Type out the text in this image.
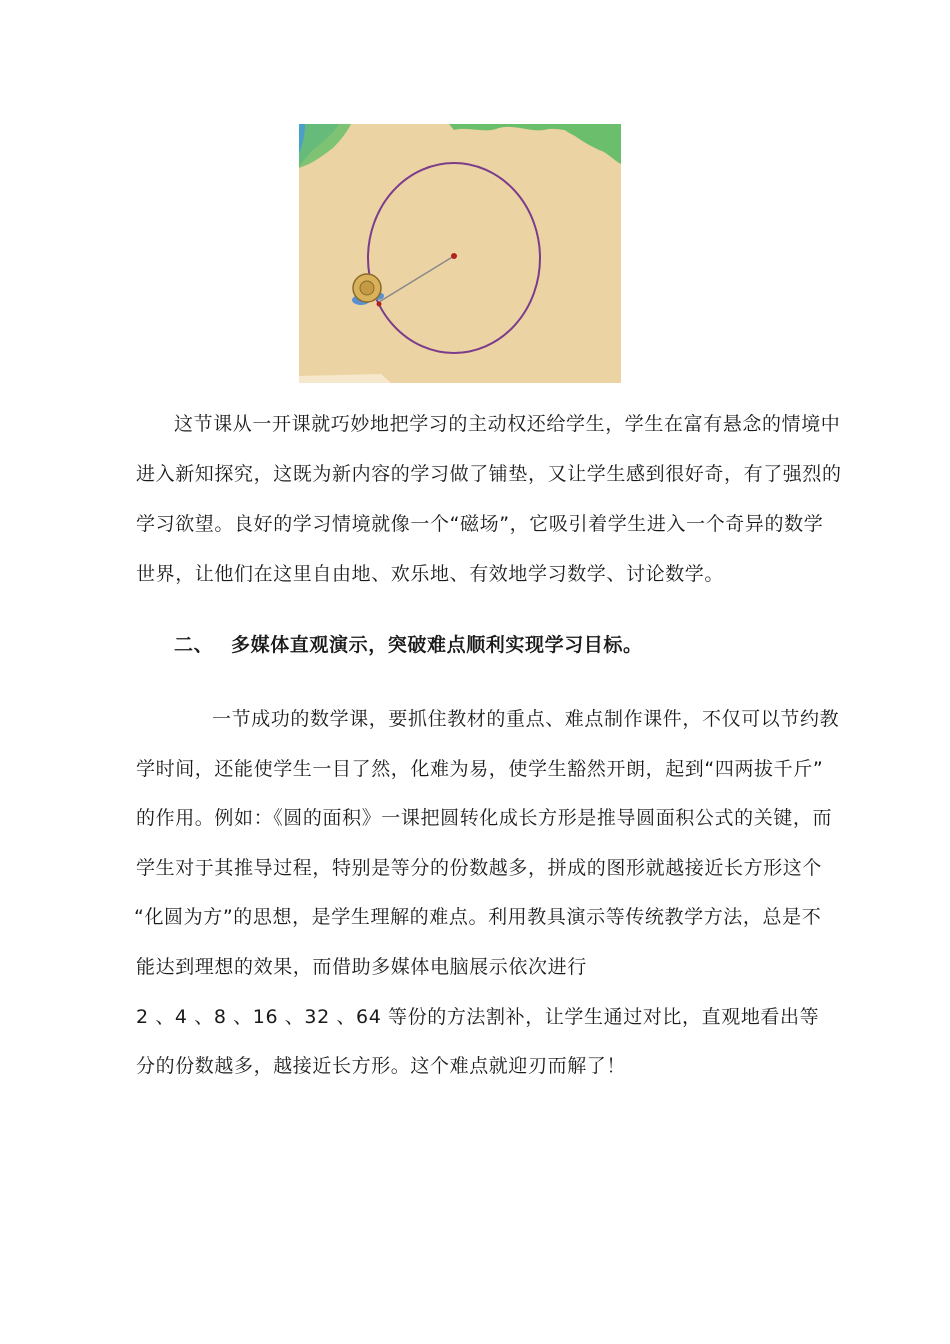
这节课从一开课就巧妙地把学习的主动权还给学生，学生在富有悬念的情境中
进入新知探究，这既为新内容的学习做了铺垫，又让学生感到很好奇，有了强烈的
学习欲望。良好的学习情境就像一个“磁场”，它吸引着学生进入一个奇异的数学
世界，让他们在这里自由地、欢乐地、有效地学习数学、讨论数学。
二、 多媒体直观演示，突破难点顺利实现学习目标。
一节成功的数学课，要抓住教材的重点、难点制作课件，不仅可以节约教
学时间，还能使学生一目了然，化难为易，使学生豁然开朗，起到“四两拔千斤”
的作用。例如：《圆的面积》一课把圆转化成长方形是推导圆面积公式的关键，而
学生对于其推导过程，特别是等分的份数越多，拼成的图形就越接近长方形这个
“化圆为方”的思想，是学生理解的难点。利用教具演示等传统教学方法，总是不
能达到理想的效果，而借助多媒体电脑展示依次进行
2 、4 、8 、16 、32 、64 等份的方法割补，让学生通过对比，直观地看出等
分的份数越多，越接近长方形。这个难点就迎刃而解了！
